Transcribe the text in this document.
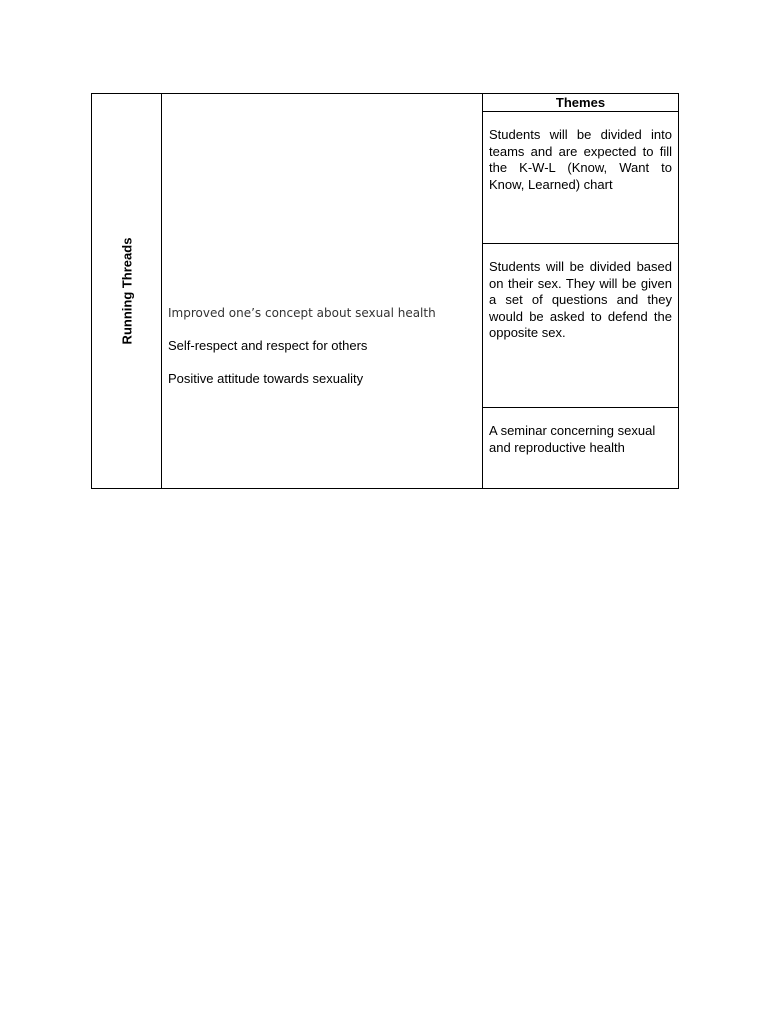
Running Threads	Improved one’s concept about sexual health

Self-respect and respect for others

Positive attitude towards sexuality

Themes
Students will be divided into teams and are expected to fill the K-W-L (Know, Want to Know, Learned) chart
Students will be divided based on their sex. They will be given a set of questions and they would be asked to defend the opposite sex.
A seminar concerning sexual and reproductive health
